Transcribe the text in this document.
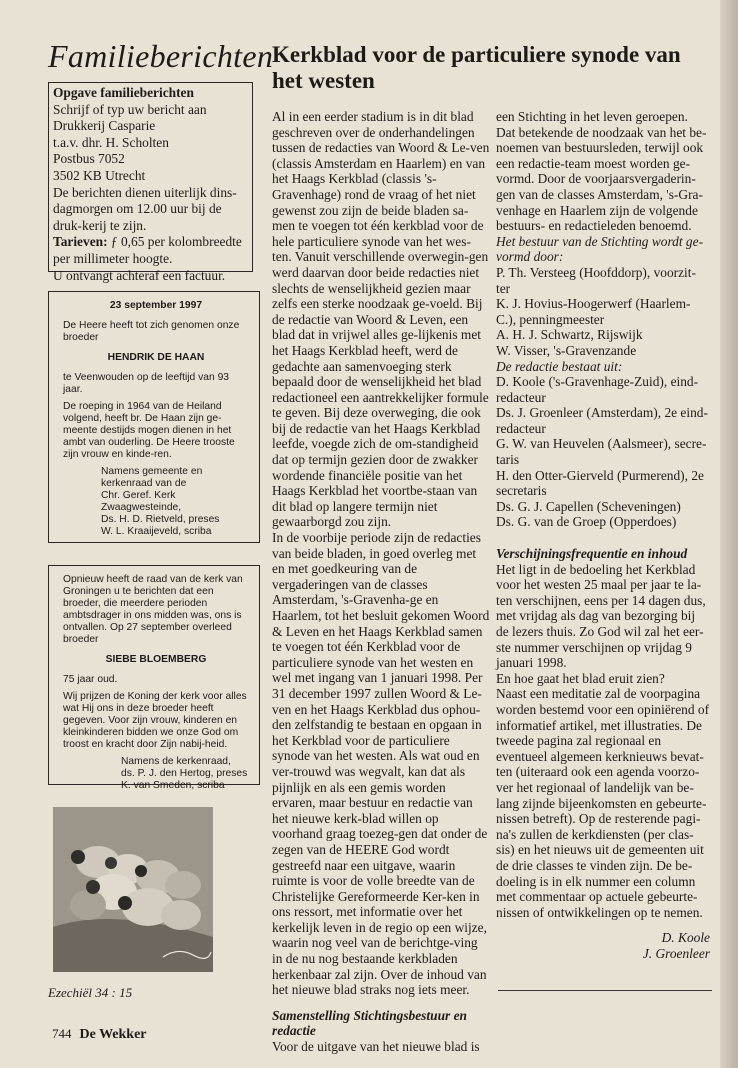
Familieberichten
Kerkblad voor de particuliere synode van het westen
Opgave familieberichten
Schrijf of typ uw bericht aan
Drukkerij Casparie
t.a.v. dhr. H. Scholten
Postbus 7052
3502 KB Utrecht
De berichten dienen uiterlijk dins-dagmorgen om 12.00 uur bij de druk-kerij te zijn.
Tarieven: ƒ 0,65 per kolombreedte per millimeter hoogte.
U ontvangt achteraf een factuur.

23 september 1997

De Heere heeft tot zich genomen onze broeder

HENDRIK DE HAAN

te Veenwouden op de leeftijd van 93 jaar.

De roeping in 1964 van de Heiland volgend, heeft br. De Haan zijn ge-meente destijds mogen dienen in het ambt van ouderling. De Heere trooste zijn vrouw en kinde-ren.

Namens gemeente en
kerkenraad van de
Chr. Geref. Kerk Zwaagwesteinde,
Ds. H. D. Rietveld, preses
W. L. Kraaijeveld, scriba

Opnieuw heeft de raad van de kerk van Groningen u te berichten dat een broeder, die meerdere perioden ambtsdrager in ons midden was, ons is ontvallen. Op 27 september overleed broeder

SIEBE BLOEMBERG

75 jaar oud.

Wij prijzen de Koning der kerk voor alles wat Hij ons in deze broeder heeft gegeven. Voor zijn vrouw, kinderen en kleinkinderen bidden we onze God om troost en kracht door Zijn nabij-heid.

Namens de kerkenraad,
ds. P. J. den Hertog, preses
K. van Smeden, scriba
Ezechiël 34 : 15
744 De Wekker

Al in een eerder stadium is in dit blad geschreven over de onderhandelingen tussen de redacties van Woord & Le-ven (classis Amsterdam en Haarlem) en van het Haags Kerkblad (classis 's-Gravenhage) rond de vraag of het niet gewenst zou zijn de beide bladen sa-men te voegen tot één kerkblad voor de hele particuliere synode van het wes-ten. Vanuit verschillende overwegin-gen werd daarvan door beide redacties niet slechts de wenselijkheid gezien maar zelfs een sterke noodzaak ge-voeld. Bij de redactie van Woord & Leven, een blad dat in vrijwel alles ge-lijkenis met het Haags Kerkblad heeft, werd de gedachte aan samenvoeging sterk bepaald door de wenselijkheid het blad redactioneel een aantrekkelijker formule te geven. Bij deze overweging, die ook bij de redactie van het Haags Kerkblad leefde, voegde zich de om-standigheid dat op termijn gezien door de zwakker wordende financiële positie van het Haags Kerkblad het voortbe-staan van dit blad op langere termijn niet gewaarborgd zou zijn.

In de voorbije periode zijn de redacties van beide bladen, in goed overleg met en met goedkeuring van de vergaderingen van de classes Amsterdam, 's-Gravenha-ge en Haarlem, tot het besluit gekomen Woord & Leven en het Haags Kerkblad samen te voegen tot één Kerkblad voor de particuliere synode van het westen en wel met ingang van 1 januari 1998. Per 31 december 1997 zullen Woord & Le-ven en het Haags Kerkblad dus ophou-den zelfstandig te bestaan en opgaan in het Kerkblad voor de particuliere synode van het westen. Als wat oud en ver-trouwd was wegvalt, kan dat als pijnlijk en als een gemis worden ervaren, maar bestuur en redactie van het nieuwe kerk-blad willen op voorhand graag toezeg-gen dat onder de zegen van de HEERE God wordt gestreefd naar een uitgave, waarin ruimte is voor de volle breedte van de Christelijke Gereformeerde Ker-ken in ons ressort, met informatie over het kerkelijk leven in de regio op een wijze, waarin nog veel van de berichtge-ving in de nu nog bestaande kerkbladen herkenbaar zal zijn. Over de inhoud van het nieuwe blad straks nog iets meer.

Samenstelling Stichtingsbestuur en redactie

Voor de uitgave van het nieuwe blad is

een Stichting in het leven geroepen. Dat betekende de noodzaak van het be-noemen van bestuursleden, terwijl ook een redactie-team moest worden ge-vormd. Door de voorjaarsvergaderin-gen van de classes Amsterdam, 's-Gra-venhage en Haarlem zijn de volgende bestuurs- en redactieleden benoemd.

Het bestuur van de Stichting wordt ge-vormd door:

P. Th. Versteeg (Hoofddorp), voorzit-ter

K. J. Hovius-Hoogerwerf (Haarlem-C.), penningmeester

A. H. J. Schwartz, Rijswijk

W. Visser, 's-Gravenzande

De redactie bestaat uit:

D. Koole ('s-Gravenhage-Zuid), eind-redacteur

Ds. J. Groenleer (Amsterdam), 2e eind-redacteur

G. W. van Heuvelen (Aalsmeer), secre-taris

H. den Otter-Gierveld (Purmerend), 2e secretaris

Ds. G. J. Capellen (Scheveningen)

Ds. G. van de Groep (Opperdoes)

Verschijningsfrequentie en inhoud

Het ligt in de bedoeling het Kerkblad voor het westen 25 maal per jaar te la-ten verschijnen, eens per 14 dagen dus, met vrijdag als dag van bezorging bij de lezers thuis. Zo God wil zal het eer-ste nummer verschijnen op vrijdag 9 januari 1998.

En hoe gaat het blad eruit zien?

Naast een meditatie zal de voorpagina worden bestemd voor een opiniërend of informatief artikel, met illustraties. De tweede pagina zal regionaal en eventueel algemeen kerknieuws bevat-ten (uiteraard ook een agenda voorzo-ver het regionaal of landelijk van be-lang zijnde bijeenkomsten en gebeurte-nissen betreft). Op de resterende pagi-na's zullen de kerkdiensten (per clas-sis) en het nieuws uit de gemeenten uit de drie classes te vinden zijn. De be-doeling is in elk nummer een column met commentaar op actuele gebeurte-nissen of ontwikkelingen op te nemen.

D. Koole

J. Groenleer
